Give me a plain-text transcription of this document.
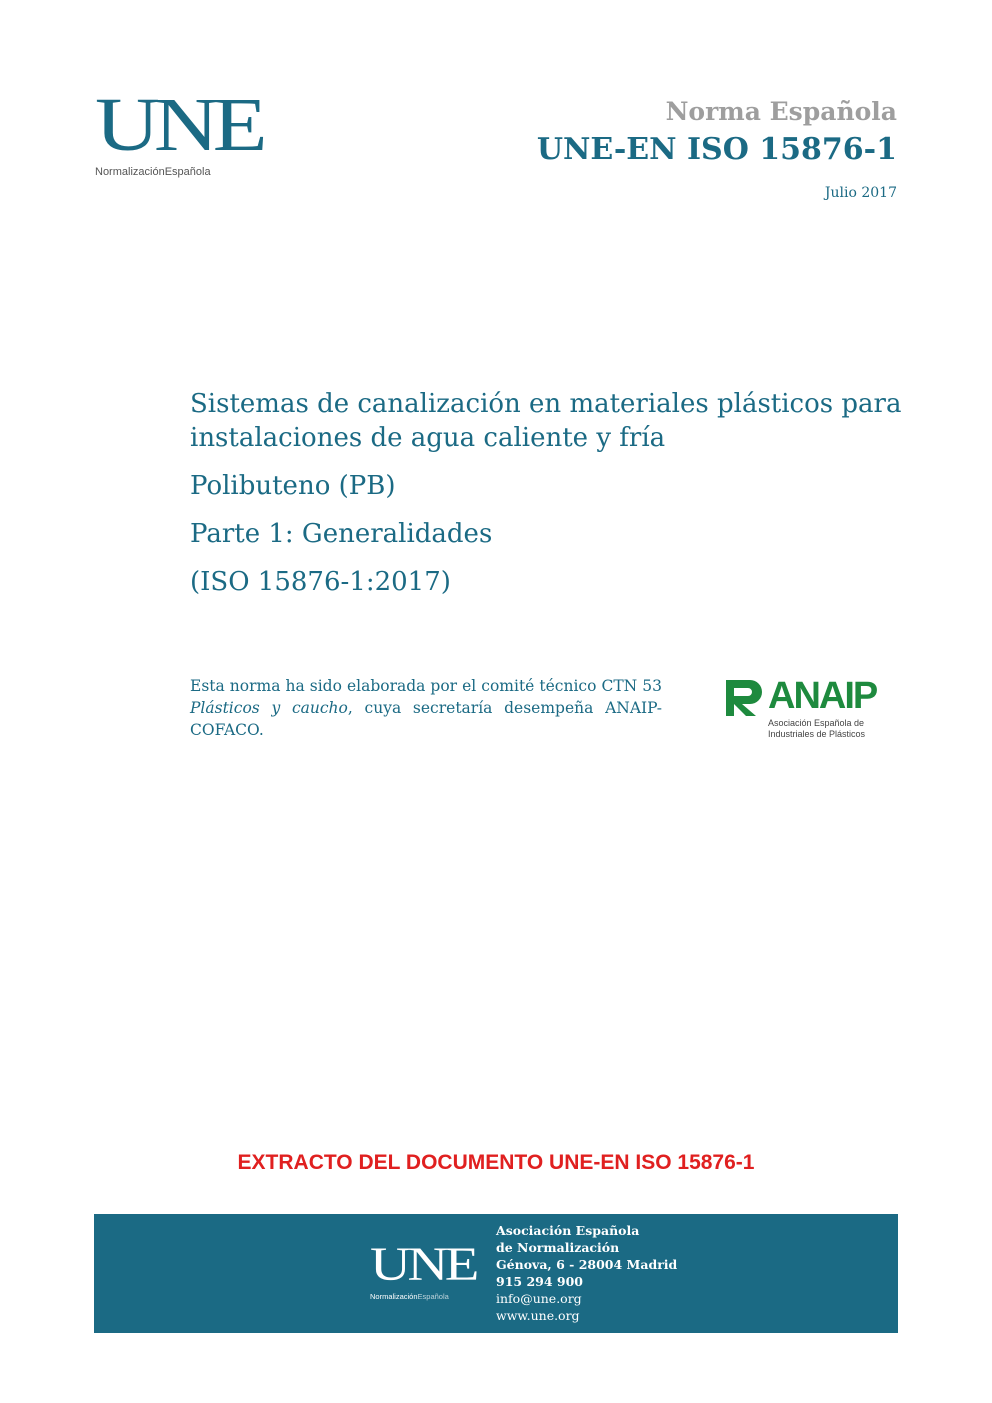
UNE
NormalizaciónEspañola
Norma Española
UNE-EN ISO 15876-1
Julio 2017
Sistemas de canalización en materiales plásticos para
instalaciones de agua caliente y fría
Polibuteno (PB)
Parte 1: Generalidades
(ISO 15876-1:2017)
Esta norma ha sido elaborada por el comité técnico CTN 53 Plásticos y caucho, cuya secretaría desempeña ANAIP-COFACO.
ANAIP
Asociación Española de
Industriales de Plásticos
EXTRACTO DEL DOCUMENTO UNE-EN ISO 15876-1
UNE
NormalizaciónEspañola
Asociación Española
de Normalización
Génova, 6 - 28004 Madrid
915 294 900
info@une.org
www.une.org
